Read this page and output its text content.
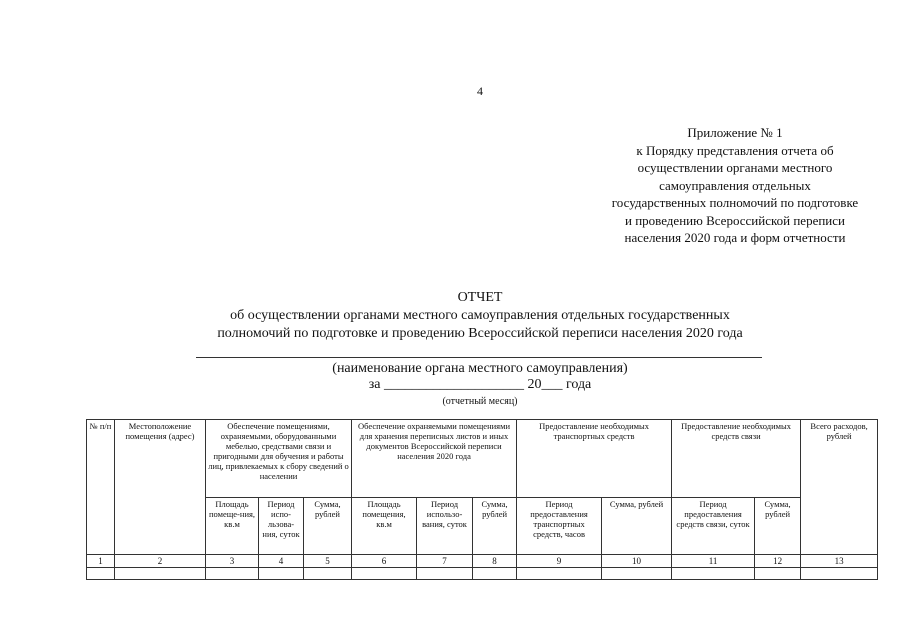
4
Приложение № 1
к Порядку представления отчета об
осуществлении органами местного
самоуправления отдельных
государственных полномочий по подготовке
и проведению Всероссийской переписи
населения 2020 года и форм отчетности
ОТЧЕТ
об осуществлении органами местного самоуправления отдельных государственных
полномочий по подготовке и проведению Всероссийской переписи населения 2020 года
(наименование органа местного самоуправления)
за ____________________ 20___ года
(отчетный месяц)
№ п/п	Местоположение помещения (адрес)	Обеспечение помещениями, охраняемыми, оборудованными мебелью, средствами связи и пригодными для обучения и работы лиц, привлекаемых к сбору сведений о населении			Обеспечение охраняемыми помещениями для хранения переписных листов и иных документов Всероссийской переписи населения 2020 года			Предоставление необходимых транспортных средств		Предоставление необходимых средств связи		Всего расходов, рублей
		Площадь помеще-ния, кв.м	Период испо-льзова-ния, суток	Сумма, рублей	Площадь помещения, кв.м	Период использо-вания, суток	Сумма, рублей	Период предоставления транспортных средств, часов	Сумма, рублей	Период предоставления средств связи, суток	Сумма, рублей	
1	2	3	4	5	6	7	8	9	10	11	12	13
